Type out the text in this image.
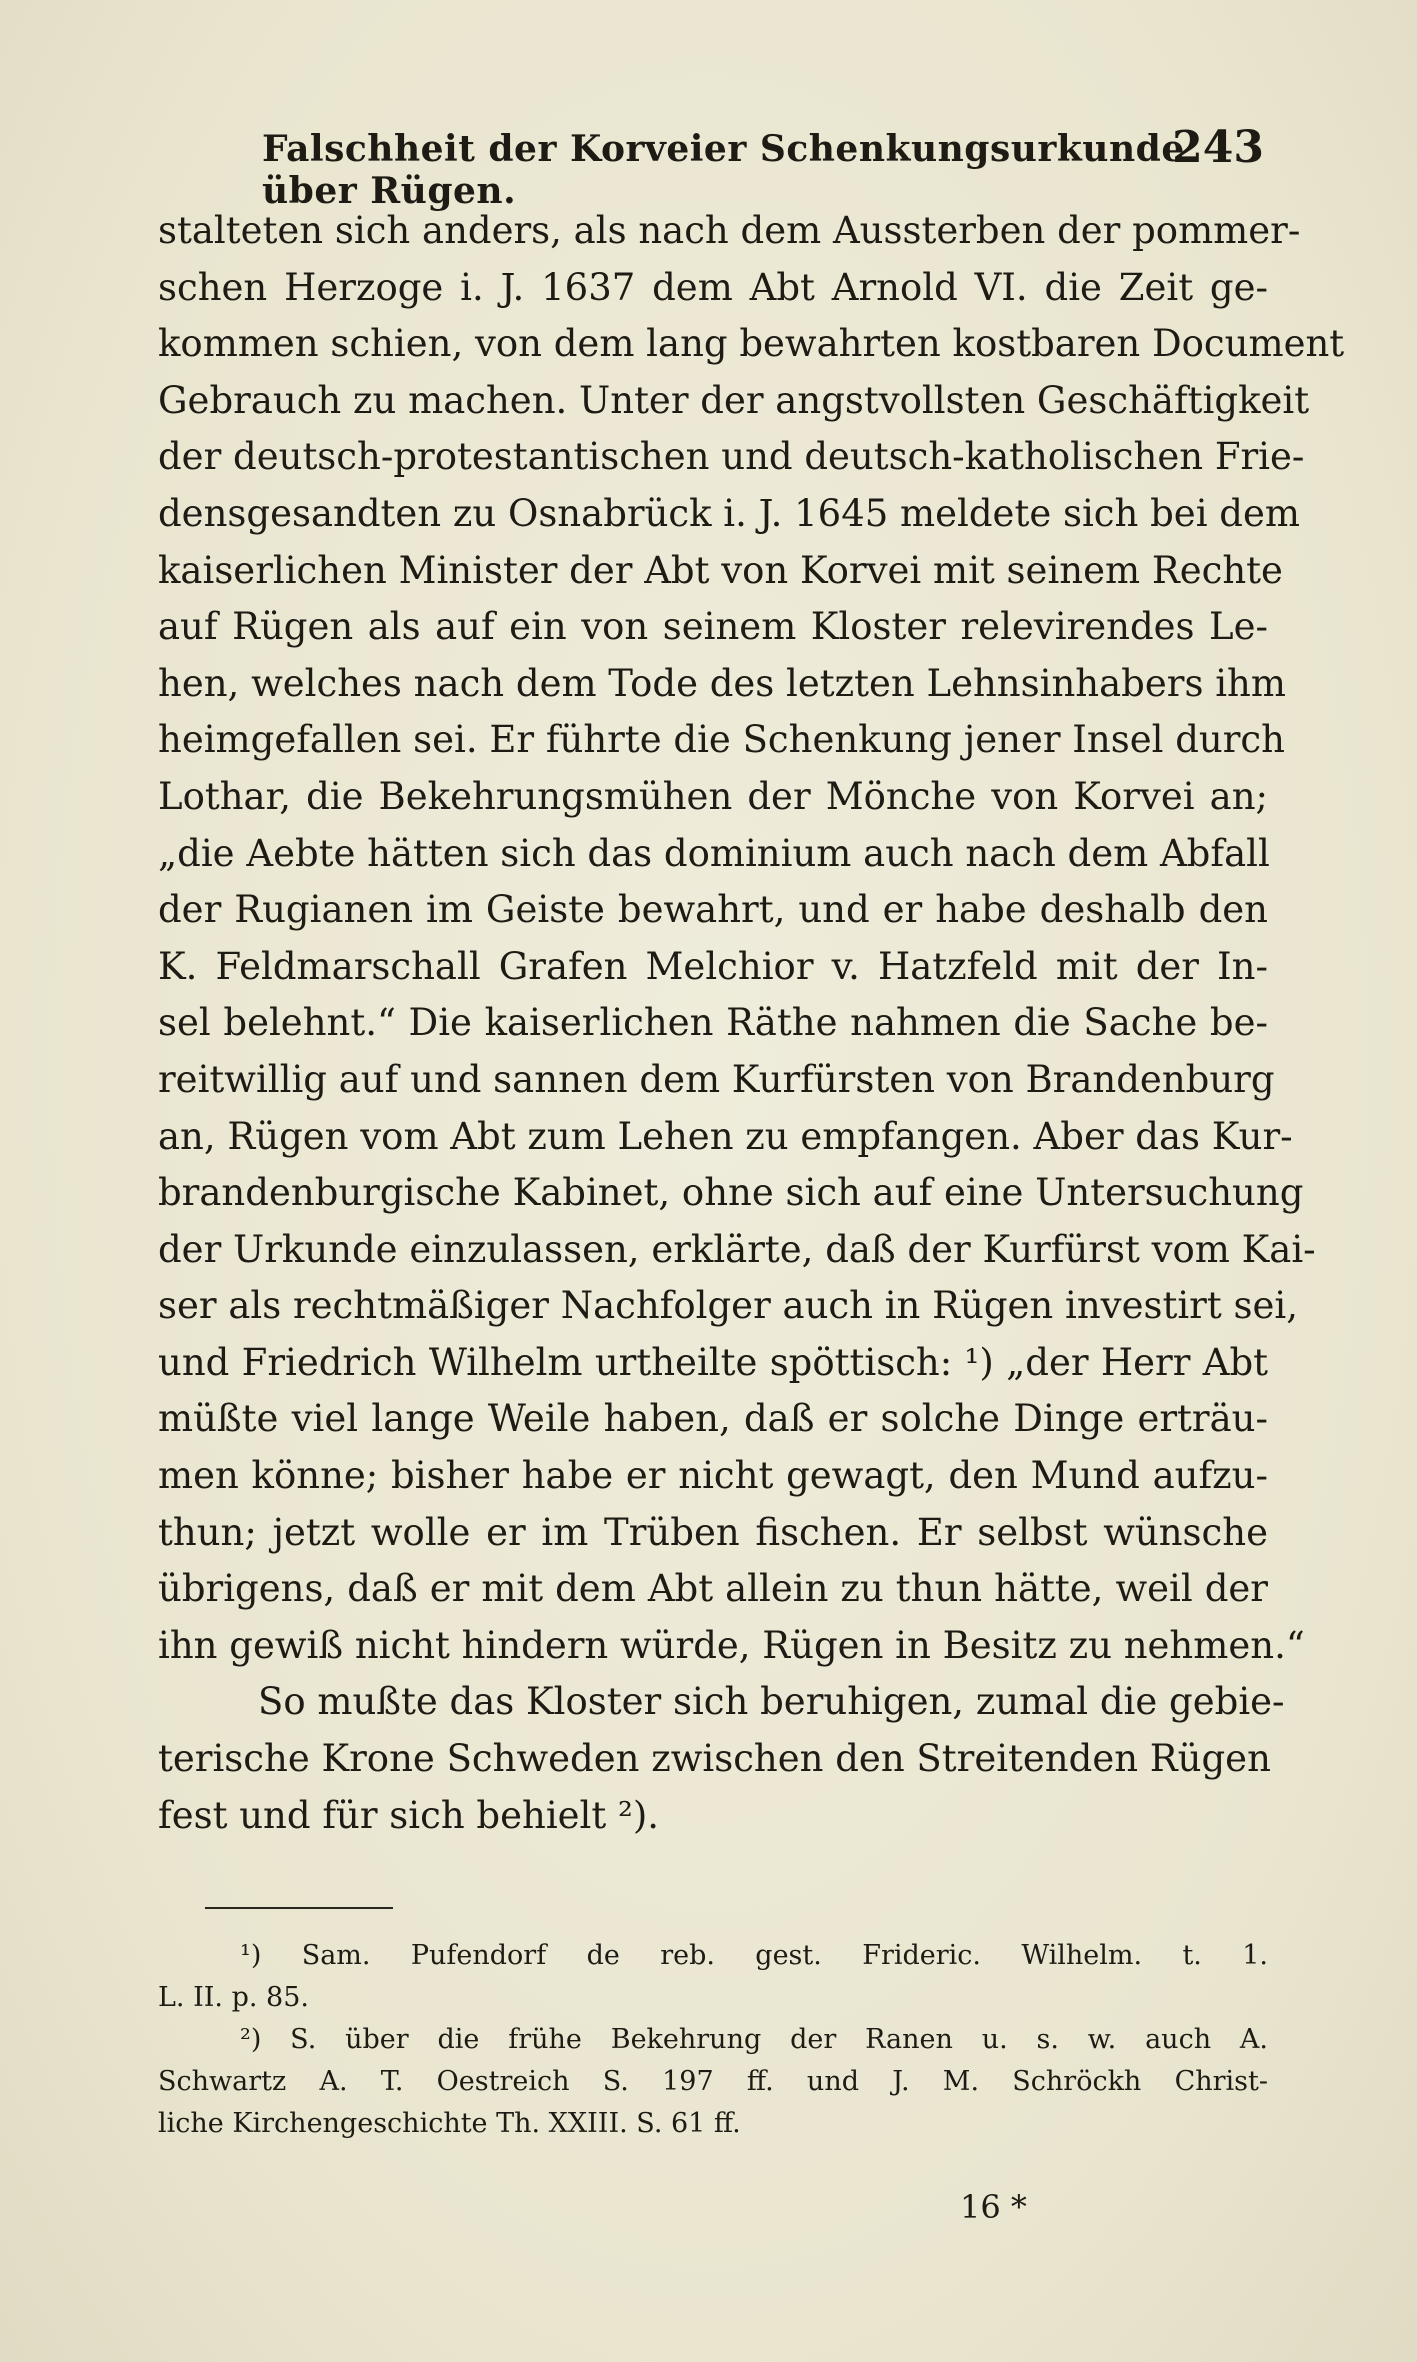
Falschheit der Korveier Schenkungsurkunde über Rügen.
243
stalteten sich anders, als nach dem Aussterben der pommer-
schen Herzoge i. J. 1637 dem Abt Arnold VI. die Zeit ge-
kommen schien, von dem lang bewahrten kostbaren Document
Gebrauch zu machen. Unter der angstvollsten Geschäftigkeit
der deutsch-protestantischen und deutsch-katholischen Frie-
densgesandten zu Osnabrück i. J. 1645 meldete sich bei dem
kaiserlichen Minister der Abt von Korvei mit seinem Rechte
auf Rügen als auf ein von seinem Kloster relevirendes Le-
hen, welches nach dem Tode des letzten Lehnsinhabers ihm
heimgefallen sei. Er führte die Schenkung jener Insel durch
Lothar, die Bekehrungsmühen der Mönche von Korvei an;
„die Aebte hätten sich das dominium auch nach dem Abfall
der Rugianen im Geiste bewahrt, und er habe deshalb den
K. Feldmarschall Grafen Melchior v. Hatzfeld mit der In-
sel belehnt.“ Die kaiserlichen Räthe nahmen die Sache be-
reitwillig auf und sannen dem Kurfürsten von Brandenburg
an, Rügen vom Abt zum Lehen zu empfangen. Aber das Kur-
brandenburgische Kabinet, ohne sich auf eine Untersuchung
der Urkunde einzulassen, erklärte, daß der Kurfürst vom Kai-
ser als rechtmäßiger Nachfolger auch in Rügen investirt sei,
und Friedrich Wilhelm urtheilte spöttisch: ¹) „der Herr Abt
müßte viel lange Weile haben, daß er solche Dinge erträu-
men könne; bisher habe er nicht gewagt, den Mund aufzu-
thun; jetzt wolle er im Trüben fischen. Er selbst wünsche
übrigens, daß er mit dem Abt allein zu thun hätte, weil der
ihn gewiß nicht hindern würde, Rügen in Besitz zu nehmen.“
So mußte das Kloster sich beruhigen, zumal die gebie-
terische Krone Schweden zwischen den Streitenden Rügen
fest und für sich behielt ²).
¹) Sam. Pufendorf de reb. gest. Frideric. Wilhelm. t. 1.
L. II. p. 85.
²) S. über die frühe Bekehrung der Ranen u. s. w. auch A.
Schwartz A. T. Oestreich S. 197 ff. und J. M. Schröckh Christ-
liche Kirchengeschichte Th. XXIII. S. 61 ff.
16 *
